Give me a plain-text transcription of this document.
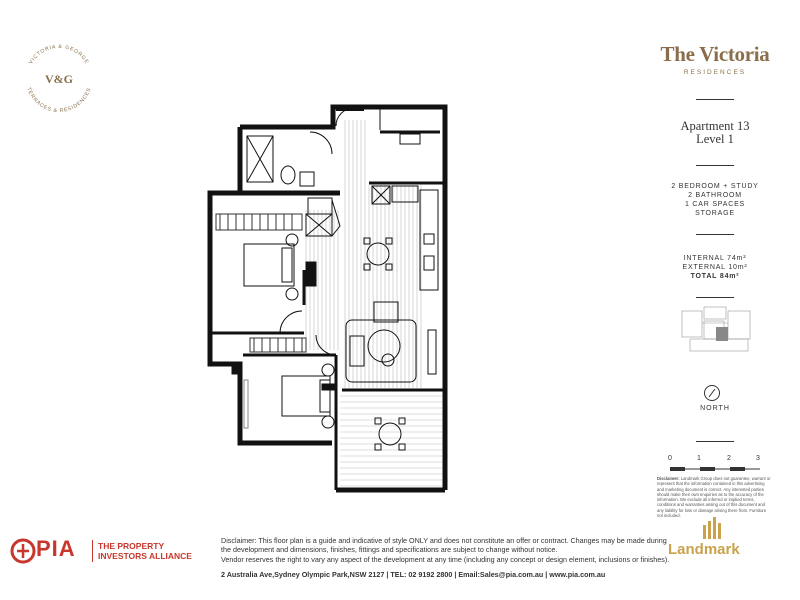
VICTORIA & GEORGE
TERRACES & RESIDENCES
V&G
The Victoria
RESIDENCES
Apartment 13
Level 1
2 BEDROOM + STUDY
2 BATHROOM
1 CAR SPACES
STORAGE
INTERNAL 74m²
EXTERNAL 10m²
TOTAL 84m²
NORTH
0	1	2	3
Disclaimer: Landmark Group does not guarantee, warrant or represent that the information contained in this advertising and marketing document is correct. Any interested parties should make their own enquiries as to the accuracy of the information. We exclude all inferred or implied terms, conditions and warranties arising out of this document and any liability for loss or damage arising there from. Furniture not included.
PIA	THE PROPERTY
INVESTORS ALLIANCE
Disclaimer: This floor plan is a guide and indicative of style ONLY and does not constitute an offer or contract. Changes may be made during the development and dimensions, finishes, fittings and specifications are subject to change without notice.
Vendor reserves the right to vary any aspect of the development at any time (including any concept or design element, inclusions or finishes).
2 Australia Ave,Sydney Olympic Park,NSW 2127 | TEL: 02 9192 2800 | Email:Sales@pia.com.au | www.pia.com.au
Landmark
